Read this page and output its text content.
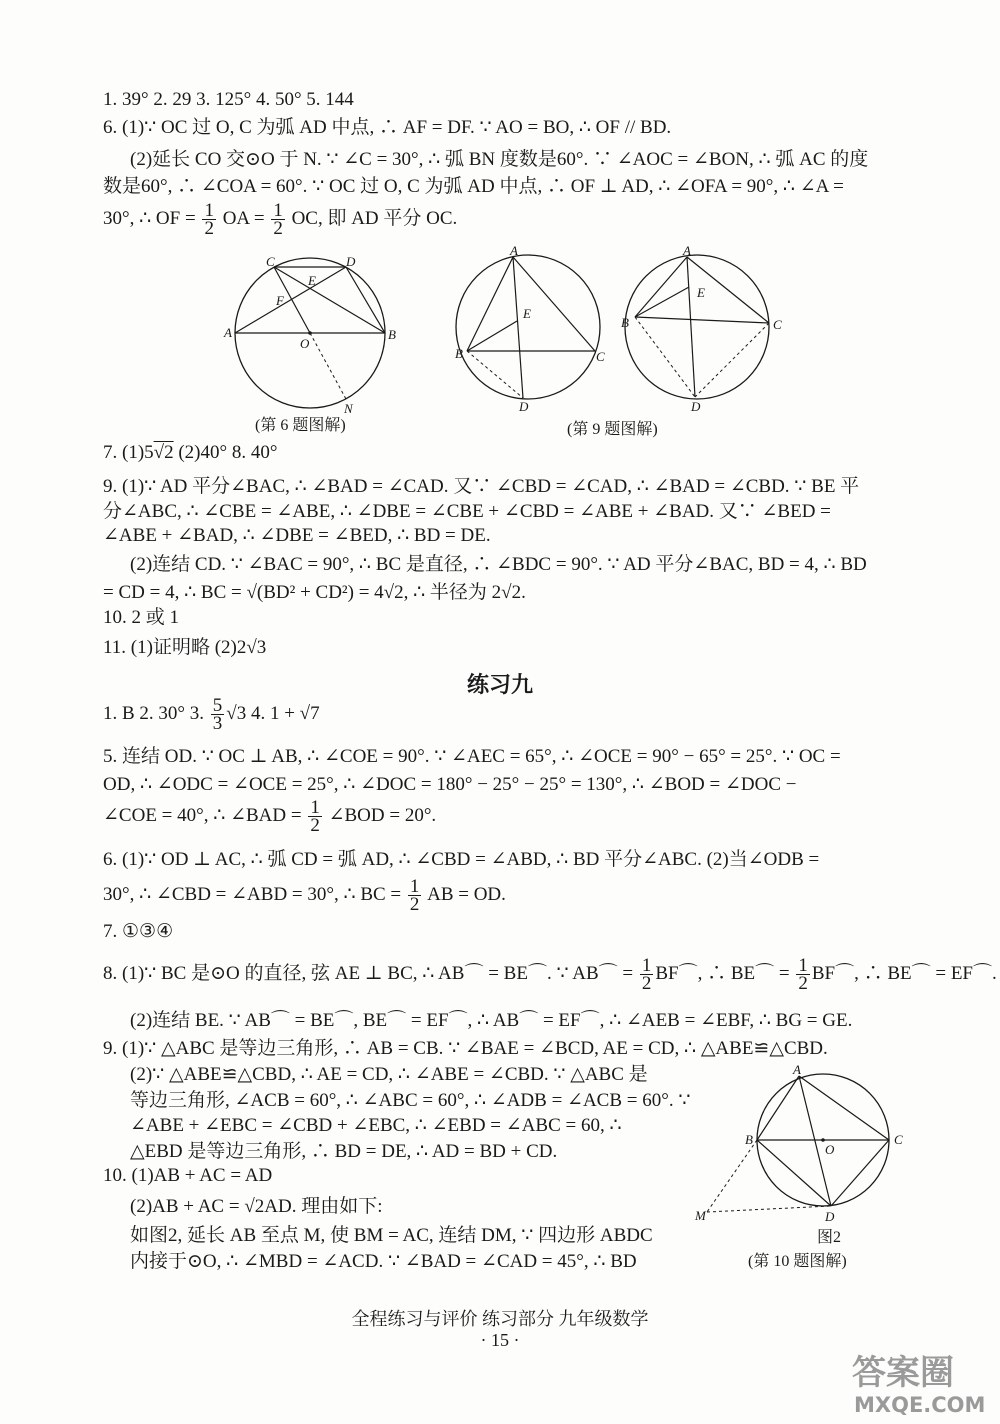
1. 39° 2. 29 3. 125° 4. 50° 5. 144
6. (1)∵ OC 过 O, C 为弧 AD 中点, ∴ AF = DF. ∵ AO = BO, ∴ OF // BD.
(2)延长 CO 交⊙O 于 N. ∵ ∠C = 30°, ∴ 弧 BN 度数是60°. ∵ ∠AOC = ∠BON, ∴ 弧 AC 的度
数是60°, ∴ ∠COA = 60°. ∵ OC 过 O, C 为弧 AD 中点, ∴ OF ⊥ AD, ∴ ∠OFA = 90°, ∴ ∠A =
30°, ∴ OF = $\frac{1}{2}$ OA = $\frac{1}{2}$ OC, 即 AD 平分 OC.
C	D
E
F
A	B
O
N
(第 6 题图解)
A
E
B	C
D
A
E
B	C
D
(第 9 题图解)
7. (1)5√2 (2)40° 8. 40°
9. (1)∵ AD 平分∠BAC, ∴ ∠BAD = ∠CAD. 又∵ ∠CBD = ∠CAD, ∴ ∠BAD = ∠CBD. ∵ BE 平
分∠ABC, ∴ ∠CBE = ∠ABE, ∴ ∠DBE = ∠CBE + ∠CBD = ∠ABE + ∠BAD. 又∵ ∠BED =
∠ABE + ∠BAD, ∴ ∠DBE = ∠BED, ∴ BD = DE.
(2)连结 CD. ∵ ∠BAC = 90°, ∴ BC 是直径, ∴ ∠BDC = 90°. ∵ AD 平分∠BAC, BD = 4, ∴ BD
= CD = 4, ∴ BC = √(BD² + CD²) = 4√2, ∴ 半径为 2√2.
10. 2 或 1
11. (1)证明略 (2)2√3
练习九
1. B 2. 30° 3. $\frac{5}{3} √3$ 4. 1 + √7
5. 连结 OD. ∵ OC ⊥ AB, ∴ ∠COE = 90°. ∵ ∠AEC = 65°, ∴ ∠OCE = 90° − 65° = 25°. ∵ OC =
OD, ∴ ∠ODC = ∠OCE = 25°, ∴ ∠DOC = 180° − 25° − 25° = 130°, ∴ ∠BOD = ∠DOC −
∠COE = 40°, ∴ ∠BAD = $\frac{1}{2}$ ∠BOD = 20°.
6. (1)∵ OD ⊥ AC, ∴ 弧 CD = 弧 AD, ∴ ∠CBD = ∠ABD, ∴ BD 平分∠ABC. (2)当∠ODB =
30°, ∴ ∠CBD = ∠ABD = 30°, ∴ BC = $\frac{1}{2}$ AB = OD.
7. ①③④
8. (1)∵ BC 是⊙O 的直径, 弦 AE ⊥ BC, ∴ AB⌒ = BE⌒. ∵ AB⌒ = $\frac{1}{2}$ BF⌒, ∴ BE⌒ = $\frac{1}{2}$ BF⌒, ∴ BE⌒ = EF⌒.
(2)连结 BE. ∵ AB⌒ = BE⌒, BE⌒ = EF⌒, ∴ AB⌒ = EF⌒, ∴ ∠AEB = ∠EBF, ∴ BG = GE.
9. (1)∵ △ABC 是等边三角形, ∴ AB = CB. ∵ ∠BAE = ∠BCD, AE = CD, ∴ △ABE≌△CBD.
(2)∵ △ABE≌△CBD, ∴ AE = CD, ∴ ∠ABE = ∠CBD. ∵ △ABC 是
等边三角形, ∠ACB = 60°, ∴ ∠ABC = 60°, ∴ ∠ADB = ∠ACB = 60°. ∵
∠ABE + ∠EBC = ∠CBD + ∠EBC, ∴ ∠EBD = ∠ABC = 60, ∴
△EBD 是等边三角形, ∴ BD = DE, ∴ AD = BD + CD.
10. (1)AB + AC = AD
(2)AB + AC = √2AD. 理由如下:
如图2, 延长 AB 至点 M, 使 BM = AC, 连结 DM, ∵ 四边形 ABDC
内接于⊙O, ∴ ∠MBD = ∠ACD. ∵ ∠BAD = ∠CAD = 45°, ∴ BD
A
B	C
O
D
M
图2
(第 10 题图解)
全程练习与评价 练习部分 九年级数学
· 15 ·
答案圈
MXQE.COM
